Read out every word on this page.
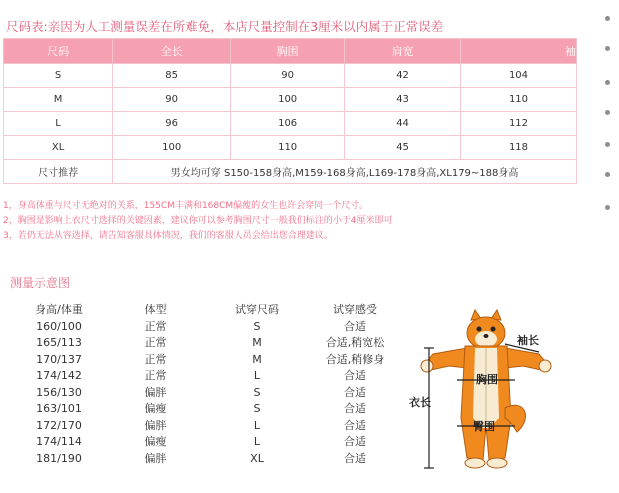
尺码表:亲因为人工测量误差在所难免，本店尺量控制在3厘米以内属于正常误差
尺码	全长	胸围	肩宽	袖
S	85	90	42	104
M	90	100	43	110
L	96	106	44	112
XL	100	110	45	118
尺寸推荐	男女均可穿 S150-158身高,M159-168身高,L169-178身高,XL179~188身高			
1，身高体重与尺寸无绝对的关系，155CM丰满和168CM偏瘦的女生也许会穿同一个尺寸。
2，胸围是影响上衣尺寸选择的关键因素，建议你可以参考胸围尺寸一般我们标注的小于4厘米即可
3，若仍无法从容选择，请告知客服具体情况，我们的客服人员会给出您合理建议。
测量示意图
身高/体重	体型	试穿尺码	试穿感受
160/100	正常	S	合适
165/113	正常	M	合适,稍宽松
170/137	正常	M	合适,稍修身
174/142	正常	L	合适
156/130	偏胖	S	合适
163/101	偏瘦	S	合适
172/170	偏胖	L	合适
174/114	偏瘦	L	合适
181/190	偏胖	XL	合适
袖长
胸围
衣长
臀围
